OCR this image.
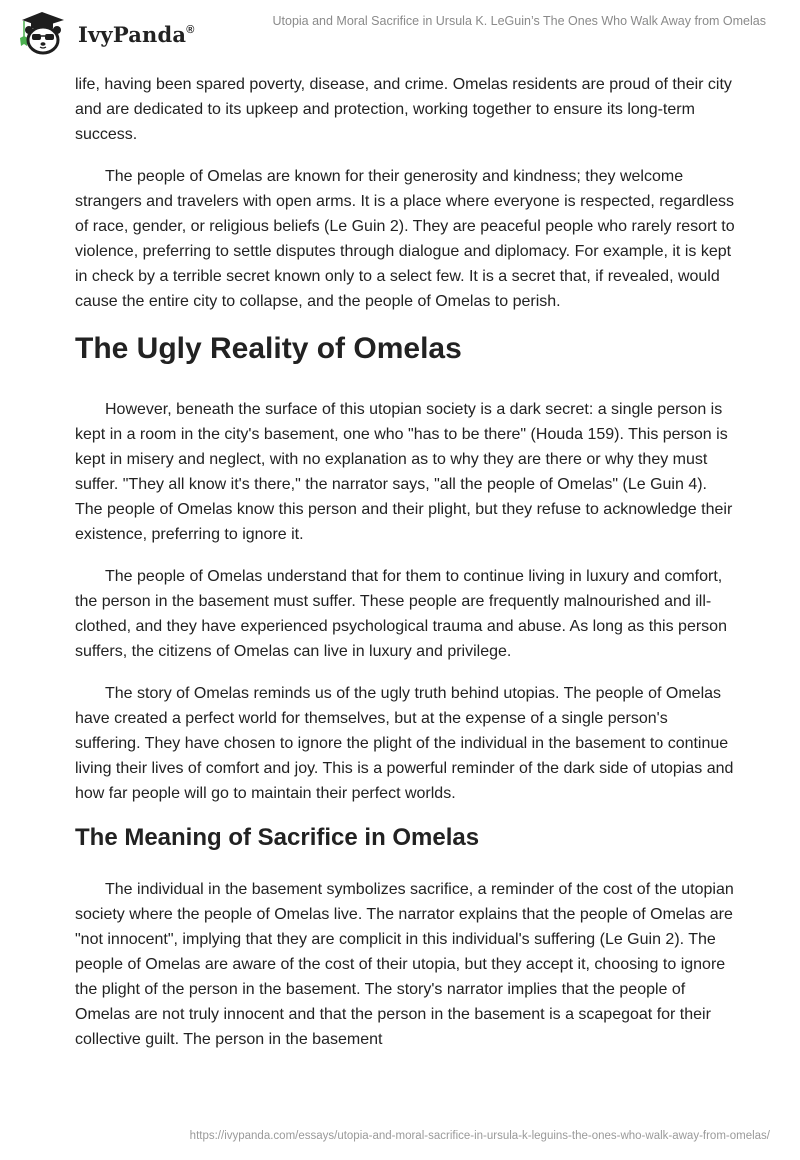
IvyPanda®
Utopia and Moral Sacrifice in Ursula K. LeGuin’s The Ones Who Walk Away from Omelas

life, having been spared poverty, disease, and crime. Omelas residents are proud of their city and are dedicated to its upkeep and protection, working together to ensure its long-term success.

The people of Omelas are known for their generosity and kindness; they welcome strangers and travelers with open arms. It is a place where everyone is respected, regardless of race, gender, or religious beliefs (Le Guin 2). They are peaceful people who rarely resort to violence, preferring to settle disputes through dialogue and diplomacy. For example, it is kept in check by a terrible secret known only to a select few. It is a secret that, if revealed, would cause the entire city to collapse, and the people of Omelas to perish.

The Ugly Reality of Omelas

However, beneath the surface of this utopian society is a dark secret: a single person is kept in a room in the city's basement, one who "has to be there" (Houda 159). This person is kept in misery and neglect, with no explanation as to why they are there or why they must suffer. "They all know it's there," the narrator says, "all the people of Omelas" (Le Guin 4). The people of Omelas know this person and their plight, but they refuse to acknowledge their existence, preferring to ignore it.

The people of Omelas understand that for them to continue living in luxury and comfort, the person in the basement must suffer. These people are frequently malnourished and ill-clothed, and they have experienced psychological trauma and abuse. As long as this person suffers, the citizens of Omelas can live in luxury and privilege.

The story of Omelas reminds us of the ugly truth behind utopias. The people of Omelas have created a perfect world for themselves, but at the expense of a single person's suffering. They have chosen to ignore the plight of the individual in the basement to continue living their lives of comfort and joy. This is a powerful reminder of the dark side of utopias and how far people will go to maintain their perfect worlds.

The Meaning of Sacrifice in Omelas

The individual in the basement symbolizes sacrifice, a reminder of the cost of the utopian society where the people of Omelas live. The narrator explains that the people of Omelas are "not innocent", implying that they are complicit in this individual's suffering (Le Guin 2). The people of Omelas are aware of the cost of their utopia, but they accept it, choosing to ignore the plight of the person in the basement. The story's narrator implies that the people of Omelas are not truly innocent and that the person in the basement is a scapegoat for their collective guilt. The person in the basement

https://ivypanda.com/essays/utopia-and-moral-sacrifice-in-ursula-k-leguins-the-ones-who-walk-away-from-omelas/
